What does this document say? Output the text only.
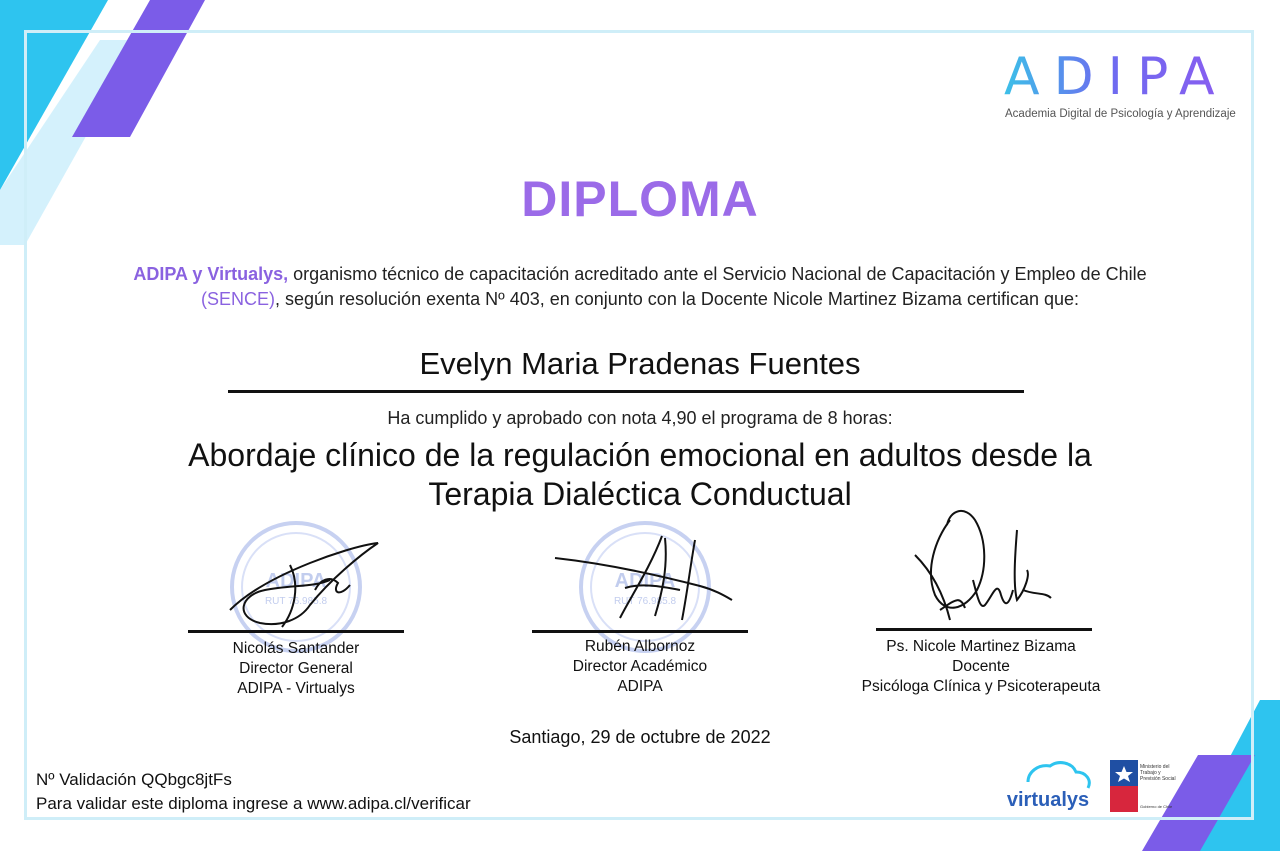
ADIPA
Academia Digital de Psicología y Aprendizaje
DIPLOMA
ADIPA y Virtualys, organismo técnico de capacitación acreditado ante el Servicio Nacional de Capacitación y Empleo de Chile (SENCE), según resolución exenta Nº 403, en conjunto con la Docente Nicole Martinez Bizama certifican que:
Evelyn Maria Pradenas Fuentes
Ha cumplido y aprobado con nota 4,90 el programa de 8 horas:
Abordaje clínico de la regulación emocional en adultos desde la Terapia Dialéctica Conductual
ADIPA
RUT 76.985.8
ADIPA
RUT 76.985.8
Nicolás Santander
Director General
ADIPA - Virtualys
Rubén Albornoz
Director Académico
ADIPA
Ps. Nicole Martinez Bizama
Docente
Psicóloga Clínica y Psicoterapeuta
Santiago, 29 de octubre de 2022
Nº Validación QQbgc8jtFs
Para validar este diploma ingrese a www.adipa.cl/verificar	virtualys
Ministerio del
Trabajo y
Previsión Social
Gobierno de Chile
